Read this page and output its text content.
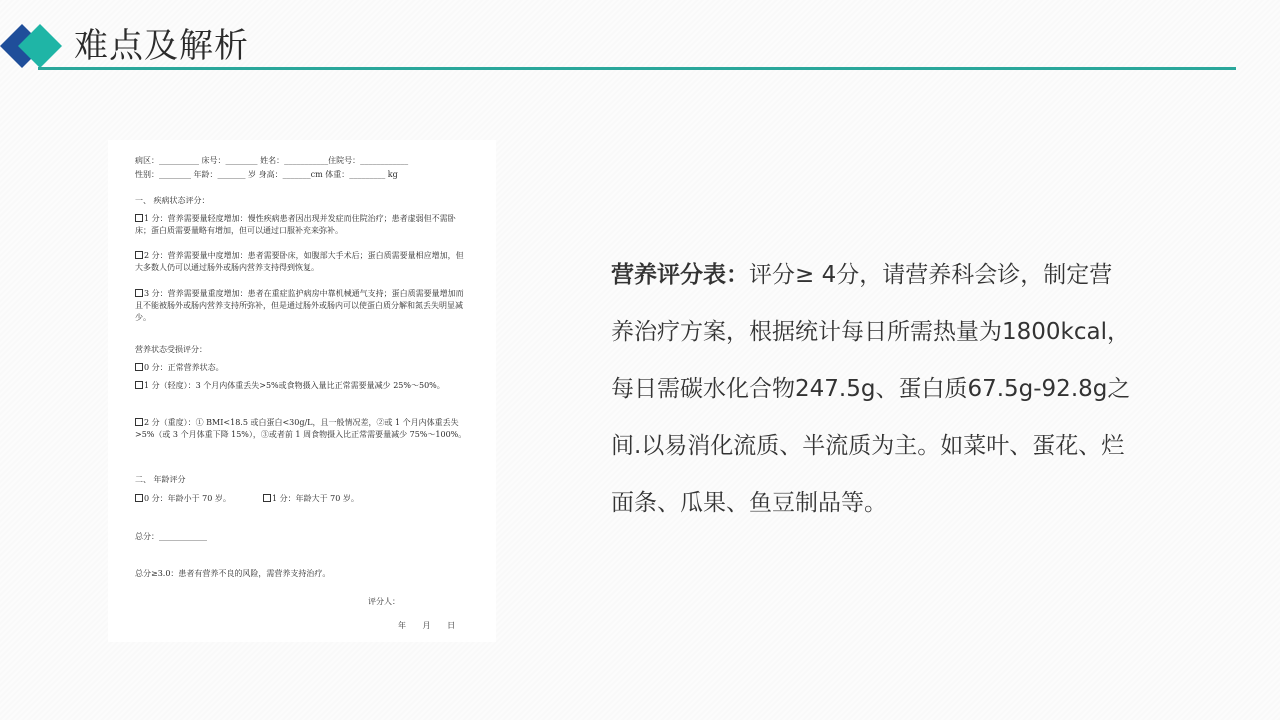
难点及解析
病区：__________ 床号：________ 姓名：___________住院号：____________
性别：________ 年龄：_______ 岁 身高：_______cm 体重：_________ kg
一、 疾病状态评分：
1 分：营养需要量轻度增加：慢性疾病患者因出现并发症而住院治疗；患者虚弱但不需卧床；蛋白质需要量略有增加，但可以通过口服补充来弥补。
2 分：营养需要量中度增加：患者需要卧床，如腹部大手术后；蛋白质需要量相应增加，但大多数人仍可以通过肠外或肠内营养支持得到恢复。
3 分：营养需要量重度增加：患者在重症监护病房中靠机械通气支持；蛋白质需要量增加而且不能被肠外或肠内营养支持所弥补，但是通过肠外或肠内可以使蛋白质分解和氮丢失明显减少。
营养状态受损评分：
0 分：正常营养状态。
1 分（轻度）：3 个月内体重丢失>5%或食物摄入量比正常需要量减少 25%～50%。
2 分（重度）：① BMI<18.5 或白蛋白<30g/L，且一般情况差，②或 1 个月内体重丢失>5%（或 3 个月体重下降 15%），③或者前 1 周食物摄入比正常需要量减少 75%～100%。
二、 年龄评分
0 分：年龄小于 70 岁。	1 分：年龄大于 70 岁。
总分：____________
总分≥3.0：患者有营养不良的风险，需营养支持治疗。
评分人：
年 月 日
营养评分表：评分≥ 4分，请营养科会诊，制定营养治疗方案，根据统计每日所需热量为1800kcal，每日需碳水化合物247.5g、蛋白质67.5g-92.8g之间.以易消化流质、半流质为主。如菜叶、蛋花、烂面条、瓜果、鱼豆制品等。
